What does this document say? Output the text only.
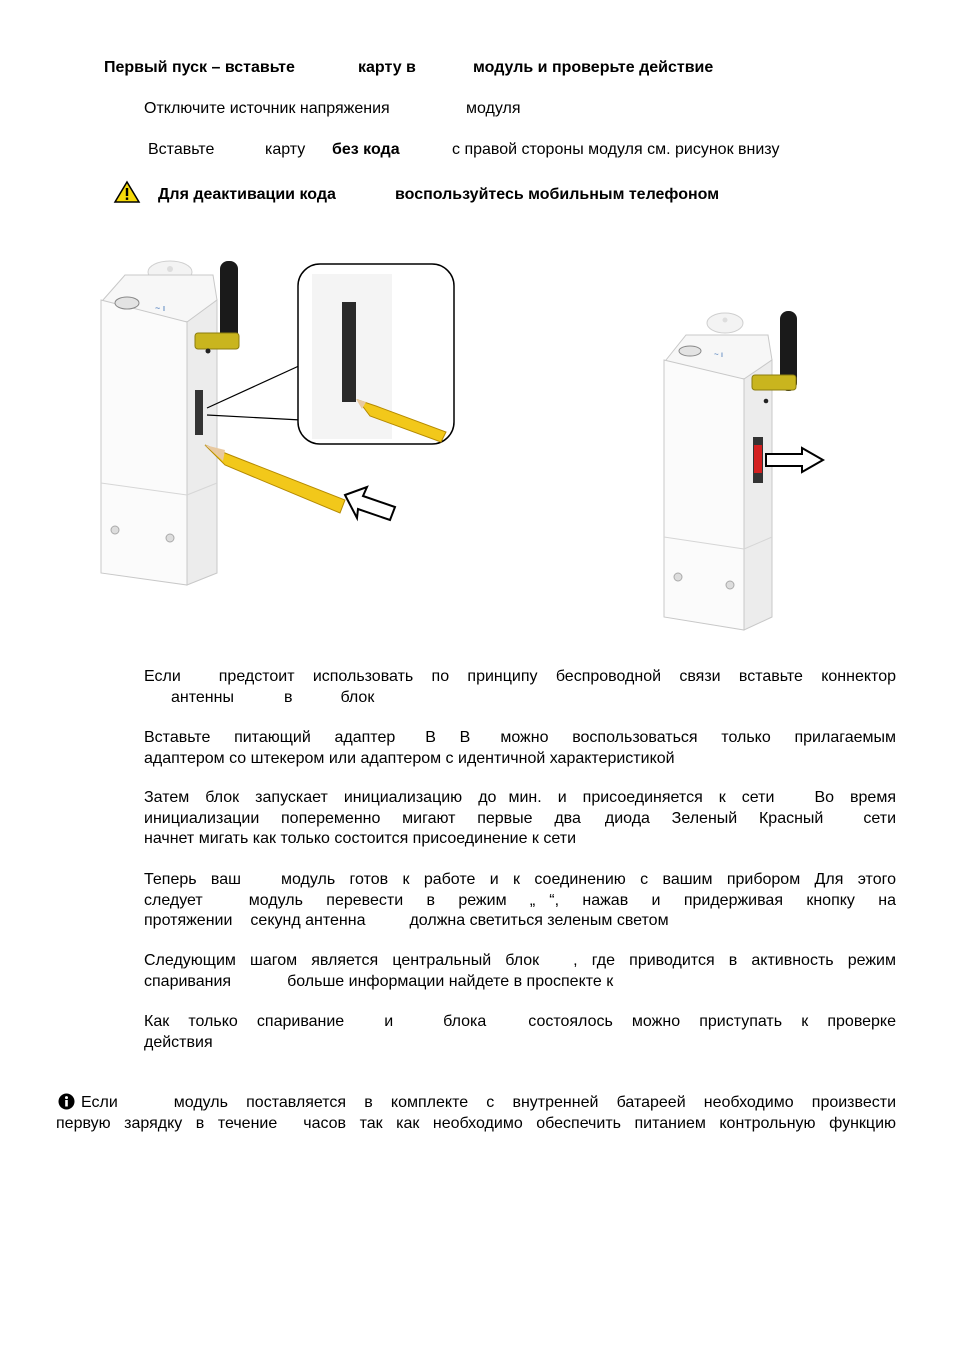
Первый пуск – вставьте	карту в	модуль и проверьте действие
Отключите источник напряжения	модуля
Вставьте	карту без кода	с правой стороны модуля см. рисунок внизу
Для деактивации кода	воспользуйтесь мобильным телефоном
~ ı
~ ı
Если предстоит использовать по принципу беспроводной связи вставьте коннектор
антенны	в	блок
Вставьте питающий адаптер В В можно воспользоваться только прилагаемым
адаптером со штекером или адаптером с идентичной характеристикой
Затем блок запускает инициализацию до мин. и присоединяется к сети	Во время
инициализации попеременно мигают первые два диода Зеленый Красный	сети
начнет мигать как только состоится присоединение к сети
Теперь ваш	модуль готов к работе и к соединению с вашим прибором Для этого
следует	модуль перевести в режим „ “, нажав и придерживая кнопку на
протяжении секунд антенна	должна светиться зеленым светом
Следующим шагом является центральный блок , где приводится в активность режим
спаривания	больше информации найдете в проспекте к
Как только спаривание	и	блока	состоялось можно приступать к проверке
действия
Если	модуль поставляется в комплекте с внутренней батареей необходимо произвести
первую зарядку в течение часов так как необходимо обеспечить питанием контрольную функцию
